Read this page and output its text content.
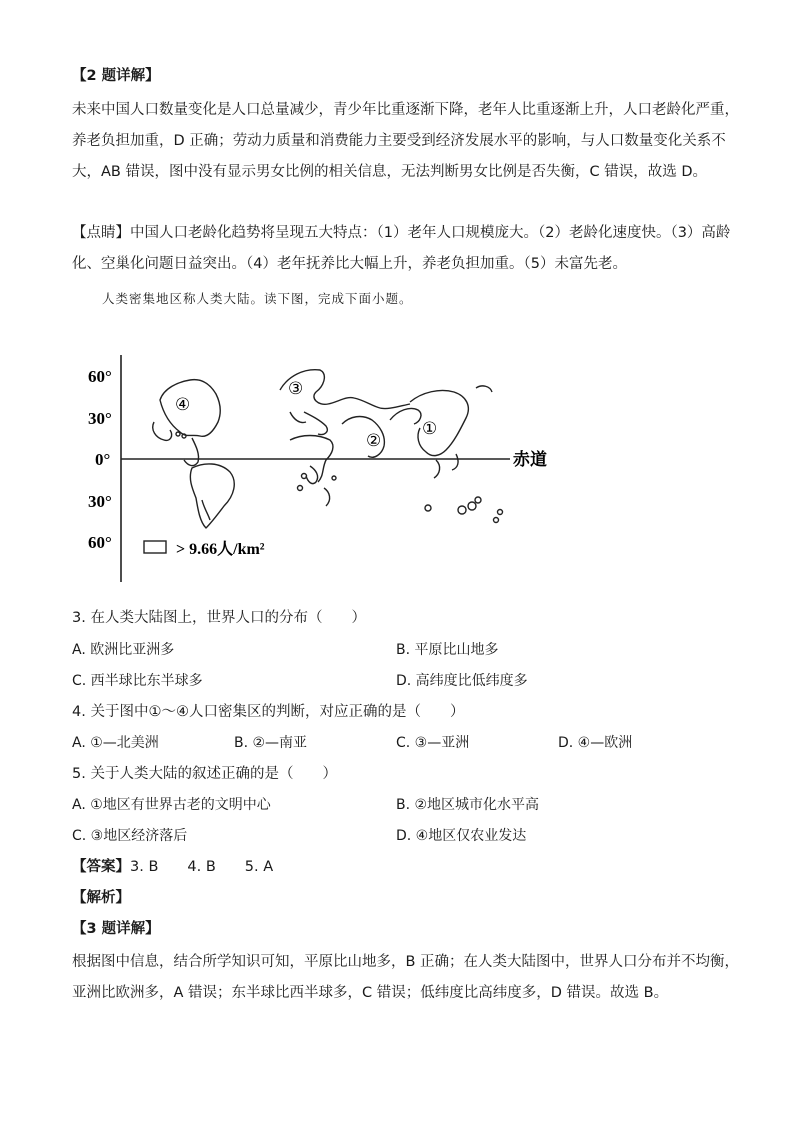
【2 题详解】
未来中国人口数量变化是人口总量减少，青少年比重逐渐下降，老年人比重逐渐上升，人口老龄化严重，
养老负担加重，D 正确；劳动力质量和消费能力主要受到经济发展水平的影响，与人口数量变化关系不
大，AB 错误，图中没有显示男女比例的相关信息，无法判断男女比例是否失衡，C 错误，故选 D。
【点睛】中国人口老龄化趋势将呈现五大特点：（1）老年人口规模庞大。（2）老龄化速度快。（3）高龄
化、空巢化问题日益突出。（4）老年抚养比大幅上升，养老负担加重。（5）未富先老。
人类密集地区称人类大陆。读下图，完成下面小题。
60°
30°
0°
30°
60°
赤道
④
③
②
①
> 9.66人/km²
3. 在人类大陆图上，世界人口的分布（　　）
A. 欧洲比亚洲多	B. 平原比山地多
C. 西半球比东半球多	D. 高纬度比低纬度多
4. 关于图中①～④人口密集区的判断，对应正确的是（　　）
A. ①—北美洲	B. ②—南亚	C. ③—亚洲	D. ④—欧洲
5. 关于人类大陆的叙述正确的是（　　）
A. ①地区有世界古老的文明中心	B. ②地区城市化水平高
C. ③地区经济落后	D. ④地区仅农业发达
【答案】3. B　　4. B　　5. A
【解析】
【3 题详解】
根据图中信息，结合所学知识可知，平原比山地多，B 正确；在人类大陆图中，世界人口分布并不均衡，
亚洲比欧洲多，A 错误；东半球比西半球多，C 错误；低纬度比高纬度多，D 错误。故选 B。
